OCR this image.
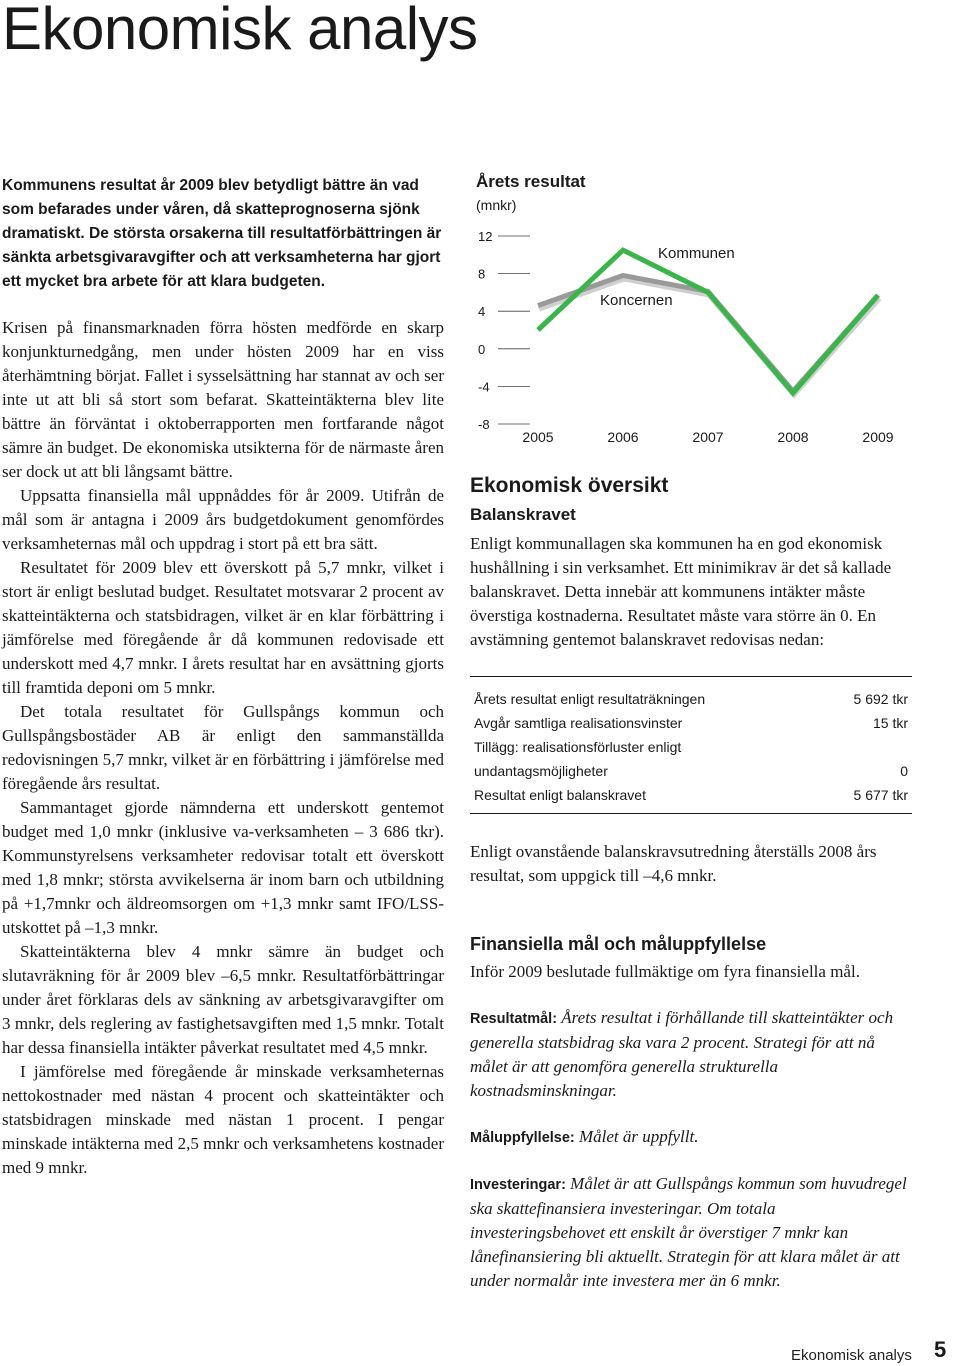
Ekonomisk analys

Kommunens resultat år 2009 blev betydligt bättre än vad som befarades under våren, då skatteprognoserna sjönk dramatiskt. De största orsakerna till resultatförbättringen är sänkta arbetsgivaravgifter och att verksamheterna har gjort ett mycket bra arbete för att klara budgeten.

Krisen på finansmarknaden förra hösten medförde en skarp konjunkturnedgång, men under hösten 2009 har en viss återhämtning börjat. Fallet i sysselsättning har stannat av och ser inte ut att bli så stort som befarat. Skatteintäkterna blev lite bättre än förväntat i oktoberrapporten men fortfarande något sämre än budget. De ekonomiska utsikterna för de närmaste åren ser dock ut att bli långsamt bättre.

Uppsatta finansiella mål uppnåddes för år 2009. Utifrån de mål som är antagna i 2009 års budgetdokument genomfördes verksamheternas mål och uppdrag i stort på ett bra sätt.

Resultatet för 2009 blev ett överskott på 5,7 mnkr, vilket i stort är enligt beslutad budget. Resultatet motsvarar 2 procent av skatteintäkterna och statsbidragen, vilket är en klar förbättring i jämförelse med föregående år då kommunen redovisade ett underskott med 4,7 mnkr. I årets resultat har en avsättning gjorts till framtida deponi om 5 mnkr.

Det totala resultatet för Gullspångs kommun och Gullspångsbostäder AB är enligt den sammanställda redovisningen 5,7 mnkr, vilket är en förbättring i jämförelse med föregående års resultat.

Sammantaget gjorde nämnderna ett underskott gentemot budget med 1,0 mnkr (inklusive va-verksamheten – 3 686 tkr). Kommunstyrelsens verksamheter redovisar totalt ett överskott med 1,8 mnkr; största avvikelserna är inom barn och utbildning på +1,7mnkr och äldreomsorgen om +1,3 mnkr samt IFO/LSS-utskottet på –1,3 mnkr.

Skatteintäkterna blev 4 mnkr sämre än budget och slutavräkning för år 2009 blev –6,5 mnkr. Resultatförbättringar under året förklaras dels av sänkning av arbetsgivaravgifter om 3 mnkr, dels reglering av fastighetsavgiften med 1,5 mnkr. Totalt har dessa finansiella intäkter påverkat resultatet med 4,5 mnkr.

I jämförelse med föregående år minskade verksamheternas nettokostnader med nästan 4 procent och skatteintäkter och statsbidragen minskade med nästan 1 procent. I pengar minskade intäkterna med 2,5 mnkr och verksamhetens kostnader med 9 mnkr.

Årets resultat
(mnkr)
12
8
4
0
-4
-8
2005	2006	2007	2008	2009
Kommunen
Koncernen
Ekonomisk översikt
Balanskravet

Enligt kommunallagen ska kommunen ha en god ekonomisk hushållning i sin verksamhet. Ett minimikrav är det så kallade balanskravet. Detta innebär att kommunens intäkter måste överstiga kostnaderna. Resultatet måste vara större än 0. En avstämning gentemot balanskravet redovisas nedan:

Årets resultat enligt resultaträkningen	5 692 tkr
Avgår samtliga realisationsvinster	15 tkr
Tillägg: realisationsförluster enligt	
undantagsmöjligheter	0
Resultat enligt balanskravet	5 677 tkr

Enligt ovanstående balanskravsutredning återställs 2008 års resultat, som uppgick till –4,6 mnkr.

Finansiella mål och måluppfyllelse

Inför 2009 beslutade fullmäktige om fyra finansiella mål.

Resultatmål: Årets resultat i förhållande till skatteintäkter och generella statsbidrag ska vara 2 procent. Strategi för att nå målet är att genomföra generella strukturella kostnadsminskningar.

Måluppfyllelse: Målet är uppfyllt.

Investeringar: Målet är att Gullspångs kommun som huvudregel ska skattefinansiera investeringar. Om totala investeringsbehovet ett enskilt år överstiger 7 mnkr kan lånefinansiering bli aktuellt. Strategin för att klara målet är att under normalår inte investera mer än 6 mnkr.

Ekonomisk analys 5
